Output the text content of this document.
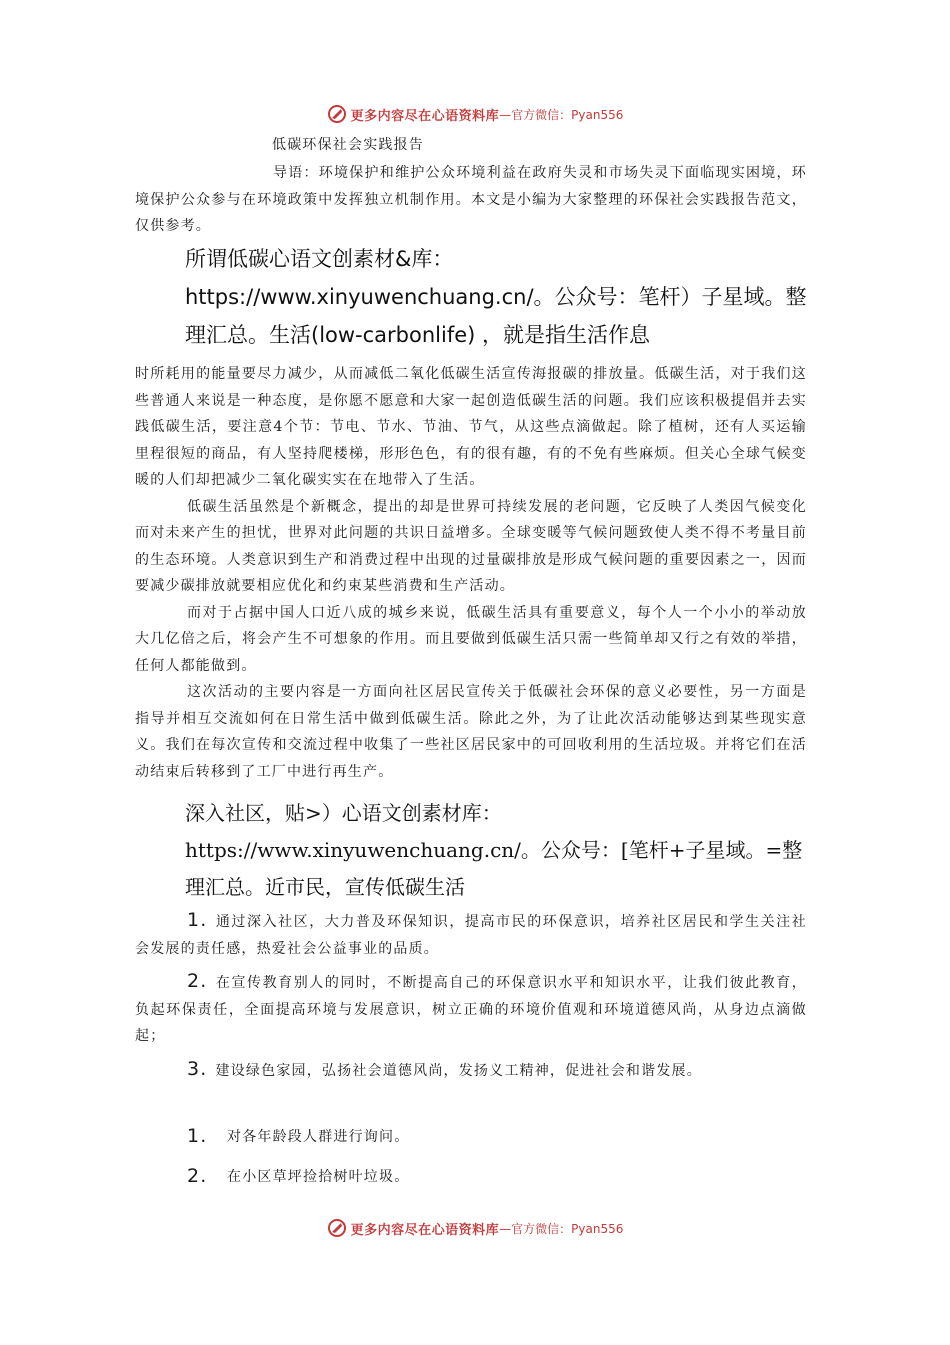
更多内容尽在心语资料库 —官方微信：Pyan556
低碳环保社会实践报告

导语：环境保护和维护公众环境利益在政府失灵和市场失灵下面临现实困境，环境保护公众参与在环境政策中发挥独立机制作用。本文是小编为大家整理的环保社会实践报告范文，仅供参考。

所谓低碳心语文创素材&库：https://www.xinyuwenchuang.cn/。公众号：笔杆）子星域。整理汇总。生活(low-carbonlife) ，就是指生活作息

时所耗用的能量要尽力减少，从而减低二氧化低碳生活宣传海报碳的排放量。低碳生活，对于我们这些普通人来说是一种态度，是你愿不愿意和大家一起创造低碳生活的问题。我们应该积极提倡并去实践低碳生活，要注意4个节：节电、节水、节油、节气，从这些点滴做起。除了植树，还有人买运输里程很短的商品，有人坚持爬楼梯，形形色色，有的很有趣，有的不免有些麻烦。但关心全球气候变暖的人们却把减少二氧化碳实实在在地带入了生活。

低碳生活虽然是个新概念，提出的却是世界可持续发展的老问题，它反映了人类因气候变化而对未来产生的担忧，世界对此问题的共识日益增多。全球变暖等气候问题致使人类不得不考量目前的生态环境。人类意识到生产和消费过程中出现的过量碳排放是形成气候问题的重要因素之一，因而要减少碳排放就要相应优化和约束某些消费和生产活动。

而对于占据中国人口近八成的城乡来说，低碳生活具有重要意义，每个人一个小小的举动放大几亿倍之后，将会产生不可想象的作用。而且要做到低碳生活只需一些简单却又行之有效的举措，任何人都能做到。

这次活动的主要内容是一方面向社区居民宣传关于低碳社会环保的意义必要性，另一方面是指导并相互交流如何在日常生活中做到低碳生活。除此之外，为了让此次活动能够达到某些现实意义。我们在每次宣传和交流过程中收集了一些社区居民家中的可回收利用的生活垃圾。并将它们在活动结束后转移到了工厂中进行再生产。

深入社区，贴>）心语文创素材库：https://www.xinyuwenchuang.cn/。公众号：[笔杆+子星域。=整理汇总。近市民，宣传低碳生活

1. 通过深入社区，大力普及环保知识，提高市民的环保意识，培养社区居民和学生关注社会发展的责任感，热爱社会公益事业的品质。

2. 在宣传教育别人的同时，不断提高自己的环保意识水平和知识水平，让我们彼此教育，负起环保责任，全面提高环境与发展意识，树立正确的环境价值观和环境道德风尚，从身边点滴做起；

3. 建设绿色家园，弘扬社会道德风尚，发扬义工精神，促进社会和谐发展。

1.	对各年龄段人群进行询问。
2.	在小区草坪捡拾树叶垃圾。
更多内容尽在心语资料库 —官方微信：Pyan556
